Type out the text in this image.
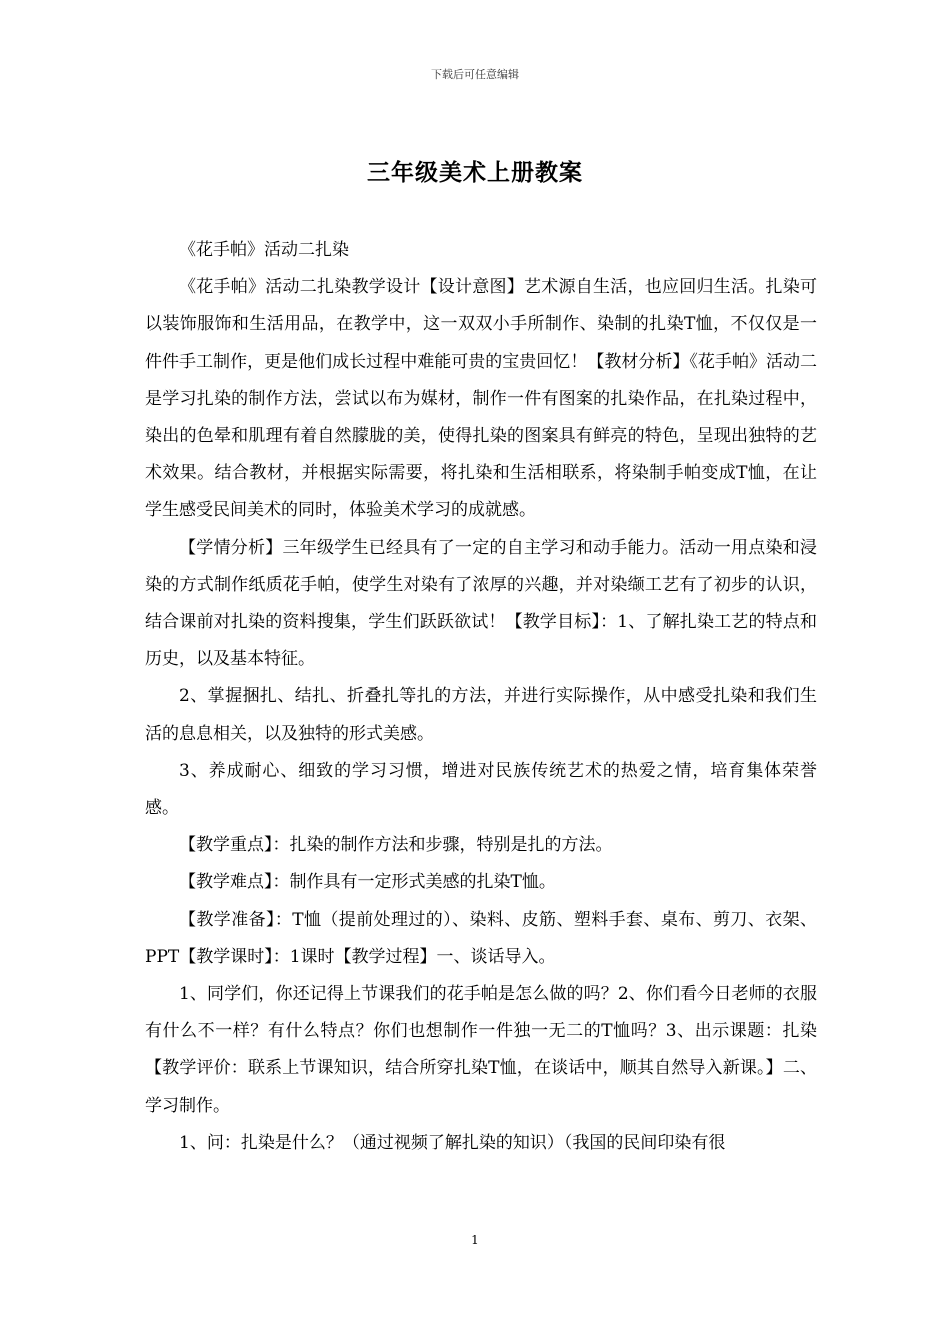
下载后可任意编辑
三年级美术上册教案

《花手帕》活动二扎染

《花手帕》活动二扎染教学设计【设计意图】艺术源自生活，也应回归生活。扎染可以装饰服饰和生活用品，在教学中，这一双双小手所制作、染制的扎染T恤，不仅仅是一件件手工制作，更是他们成长过程中难能可贵的宝贵回忆！【教材分析】《花手帕》活动二是学习扎染的制作方法，尝试以布为媒材，制作一件有图案的扎染作品，在扎染过程中，染出的色晕和肌理有着自然朦胧的美，使得扎染的图案具有鲜亮的特色，呈现出独特的艺术效果。结合教材，并根据实际需要，将扎染和生活相联系，将染制手帕变成T恤，在让学生感受民间美术的同时，体验美术学习的成就感。

【学情分析】三年级学生已经具有了一定的自主学习和动手能力。活动一用点染和浸染的方式制作纸质花手帕，使学生对染有了浓厚的兴趣，并对染缬工艺有了初步的认识，结合课前对扎染的资料搜集，学生们跃跃欲试！【教学目标】：1、了解扎染工艺的特点和历史，以及基本特征。

2、掌握捆扎、结扎、折叠扎等扎的方法，并进行实际操作，从中感受扎染和我们生活的息息相关，以及独特的形式美感。

3、养成耐心、细致的学习习惯，增进对民族传统艺术的热爱之情，培育集体荣誉感。

【教学重点】：扎染的制作方法和步骤，特别是扎的方法。

【教学难点】：制作具有一定形式美感的扎染T恤。

【教学准备】：T恤（提前处理过的）、染料、皮筋、塑料手套、桌布、剪刀、衣架、PPT【教学课时】：1课时【教学过程】一、谈话导入。

1、同学们，你还记得上节课我们的花手帕是怎么做的吗？2、你们看今日老师的衣服有什么不一样？有什么特点？你们也想制作一件独一无二的T恤吗？3、出示课题：扎染【教学评价：联系上节课知识，结合所穿扎染T恤，在谈话中，顺其自然导入新课。】二、学习制作。

1、问：扎染是什么？（通过视频了解扎染的知识）（我国的民间印染有很

1
